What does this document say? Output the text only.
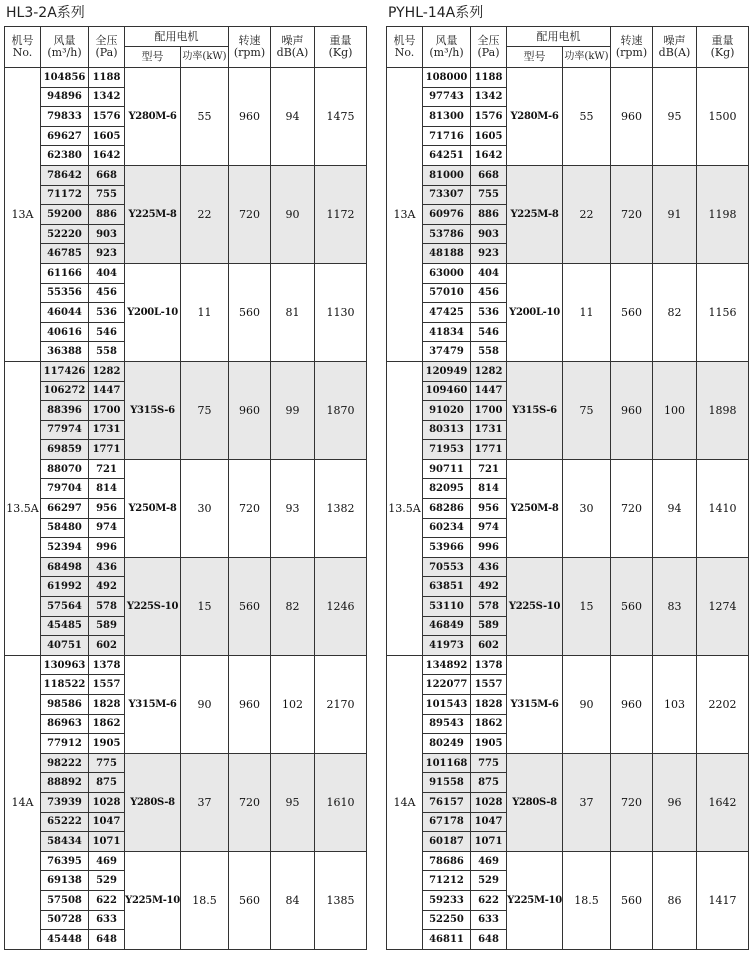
HL3-2A系列
机号
No.	风量
(m³/h)	全压
(Pa)	配用电机		转速
(rpm)	噪声
dB(A)	重量
(Kg)
			型号	功率(kW)			
13A	104856	1188	Y280M-6	55	960	94	1475
	94896	1342					
	79833	1576					
	69627	1605					
	62380	1642					
	78642	668	Y225M-8	22	720	90	1172
	71172	755					
	59200	886					
	52220	903					
	46785	923					
	61166	404	Y200L-10	11	560	81	1130
	55356	456					
	46044	536					
	40616	546					
	36388	558					
13.5A	117426	1282	Y315S-6	75	960	99	1870
	106272	1447					
	88396	1700					
	77974	1731					
	69859	1771					
	88070	721	Y250M-8	30	720	93	1382
	79704	814					
	66297	956					
	58480	974					
	52394	996					
	68498	436	Y225S-10	15	560	82	1246
	61992	492					
	57564	578					
	45485	589					
	40751	602					
14A	130963	1378	Y315M-6	90	960	102	2170
	118522	1557					
	98586	1828					
	86963	1862					
	77912	1905					
	98222	775	Y280S-8	37	720	95	1610
	88892	875					
	73939	1028					
	65222	1047					
	58434	1071					
	76395	469	Y225M-10	18.5	560	84	1385
	69138	529					
	57508	622					
	50728	633					
	45448	648					
PYHL-14A系列
机号
No.	风量
(m³/h)	全压
(Pa)	配用电机		转速
(rpm)	噪声
dB(A)	重量
(Kg)
			型号	功率(kW)			
13A	108000	1188	Y280M-6	55	960	95	1500
	97743	1342					
	81300	1576					
	71716	1605					
	64251	1642					
	81000	668	Y225M-8	22	720	91	1198
	73307	755					
	60976	886					
	53786	903					
	48188	923					
	63000	404	Y200L-10	11	560	82	1156
	57010	456					
	47425	536					
	41834	546					
	37479	558					
13.5A	120949	1282	Y315S-6	75	960	100	1898
	109460	1447					
	91020	1700					
	80313	1731					
	71953	1771					
	90711	721	Y250M-8	30	720	94	1410
	82095	814					
	68286	956					
	60234	974					
	53966	996					
	70553	436	Y225S-10	15	560	83	1274
	63851	492					
	53110	578					
	46849	589					
	41973	602					
14A	134892	1378	Y315M-6	90	960	103	2202
	122077	1557					
	101543	1828					
	89543	1862					
	80249	1905					
	101168	775	Y280S-8	37	720	96	1642
	91558	875					
	76157	1028					
	67178	1047					
	60187	1071					
	78686	469	Y225M-10	18.5	560	86	1417
	71212	529					
	59233	622					
	52250	633					
	46811	648					
